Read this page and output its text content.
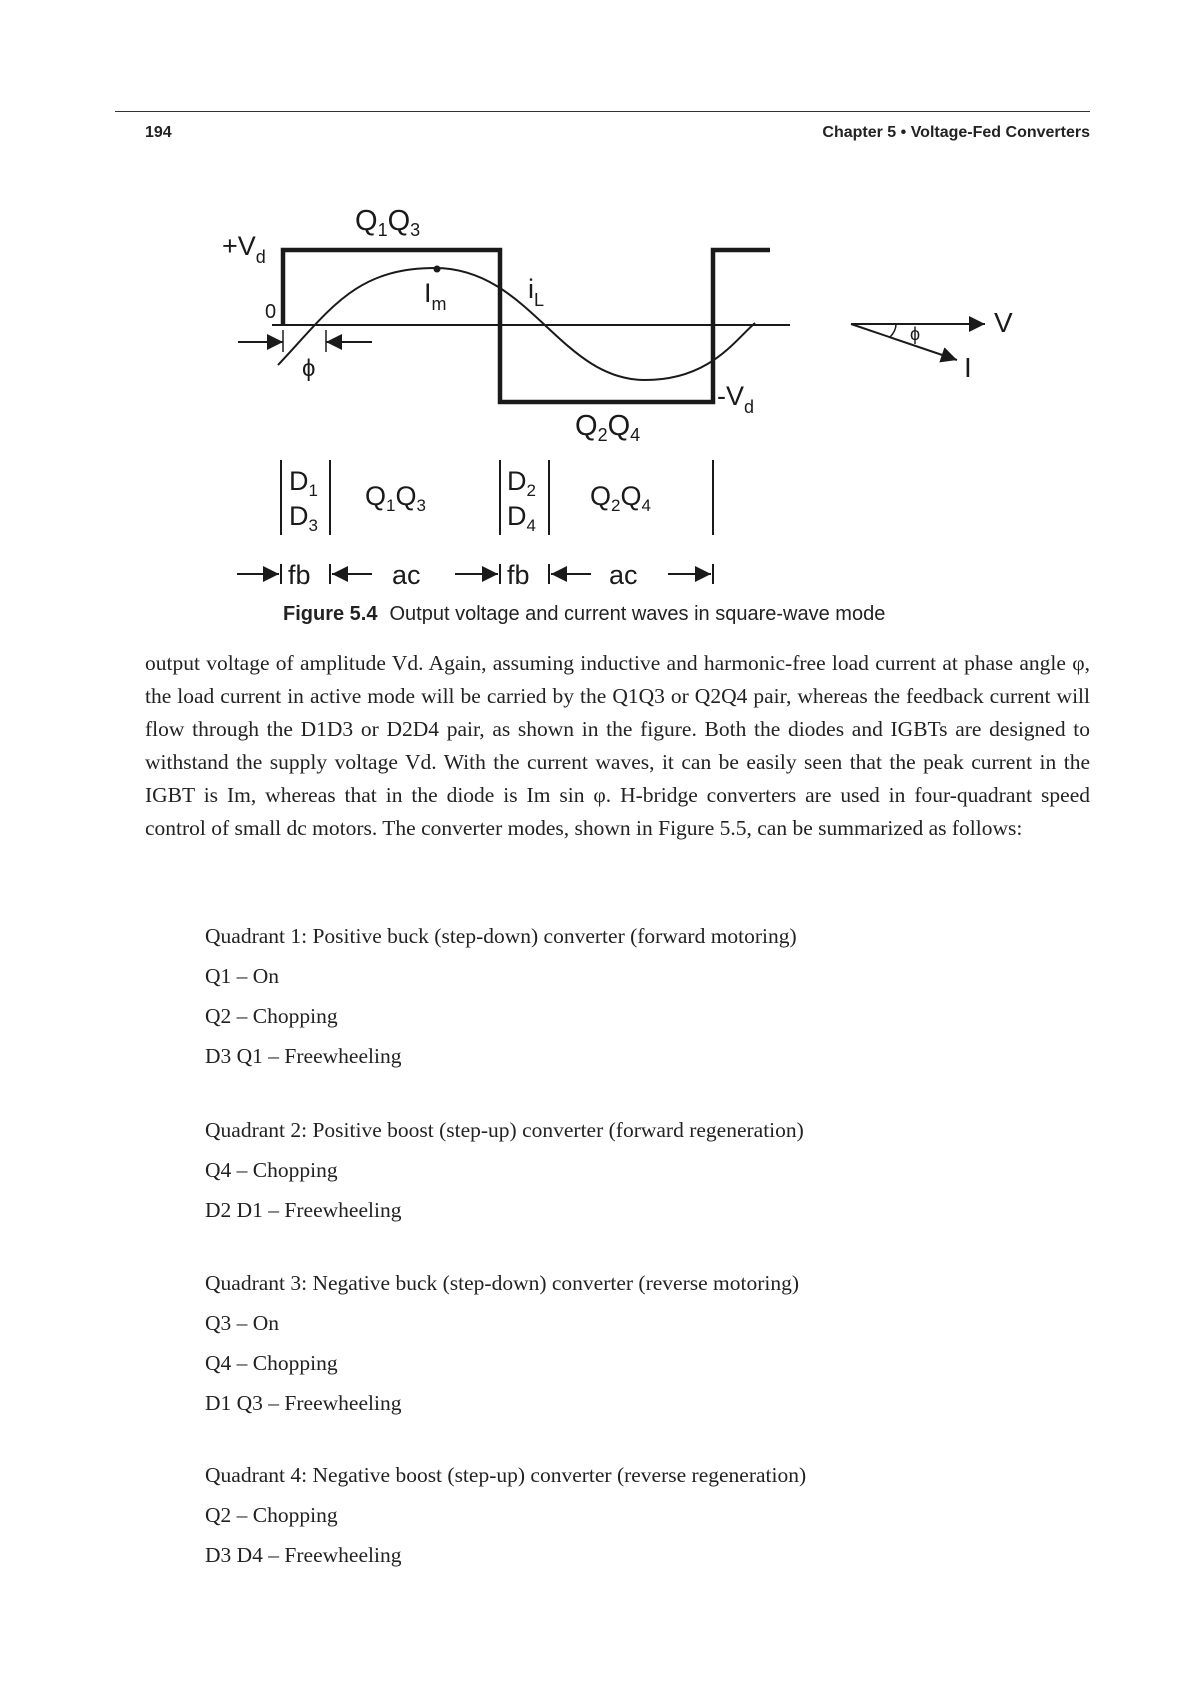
194	Chapter 5 • Voltage-Fed Converters
$Q_1Q_3$
$+V_d$
0
$I_m$	$i_L$
ϕ
$Q_2Q_4$
$-V_d$
ϕ	V
I
$D_1$
$D_3$
$Q_1Q_3$
$D_2$
$D_4$
$Q_2Q_4$
fb	ac	fb	ac
Figure 5.4 Output voltage and current waves in square-wave mode

output voltage of amplitude Vd. Again, assuming inductive and harmonic-free load current at phase angle φ, the load current in active mode will be carried by the Q1Q3 or Q2Q4 pair, whereas the feedback current will flow through the D1D3 or D2D4 pair, as shown in the figure. Both the diodes and IGBTs are designed to withstand the supply voltage Vd. With the current waves, it can be easily seen that the peak current in the IGBT is Im, whereas that in the diode is Im sin φ. H-bridge converters are used in four-quadrant speed control of small dc motors. The converter modes, shown in Figure 5.5, can be summarized as follows:

Quadrant 1: Positive buck (step-down) converter (forward motoring)
Q1 – On
Q2 – Chopping
D3 Q1 – Freewheeling
Quadrant 2: Positive boost (step-up) converter (forward regeneration)
Q4 – Chopping
D2 D1 – Freewheeling
Quadrant 3: Negative buck (step-down) converter (reverse motoring)
Q3 – On
Q4 – Chopping
D1 Q3 – Freewheeling
Quadrant 4: Negative boost (step-up) converter (reverse regeneration)
Q2 – Chopping
D3 D4 – Freewheeling
